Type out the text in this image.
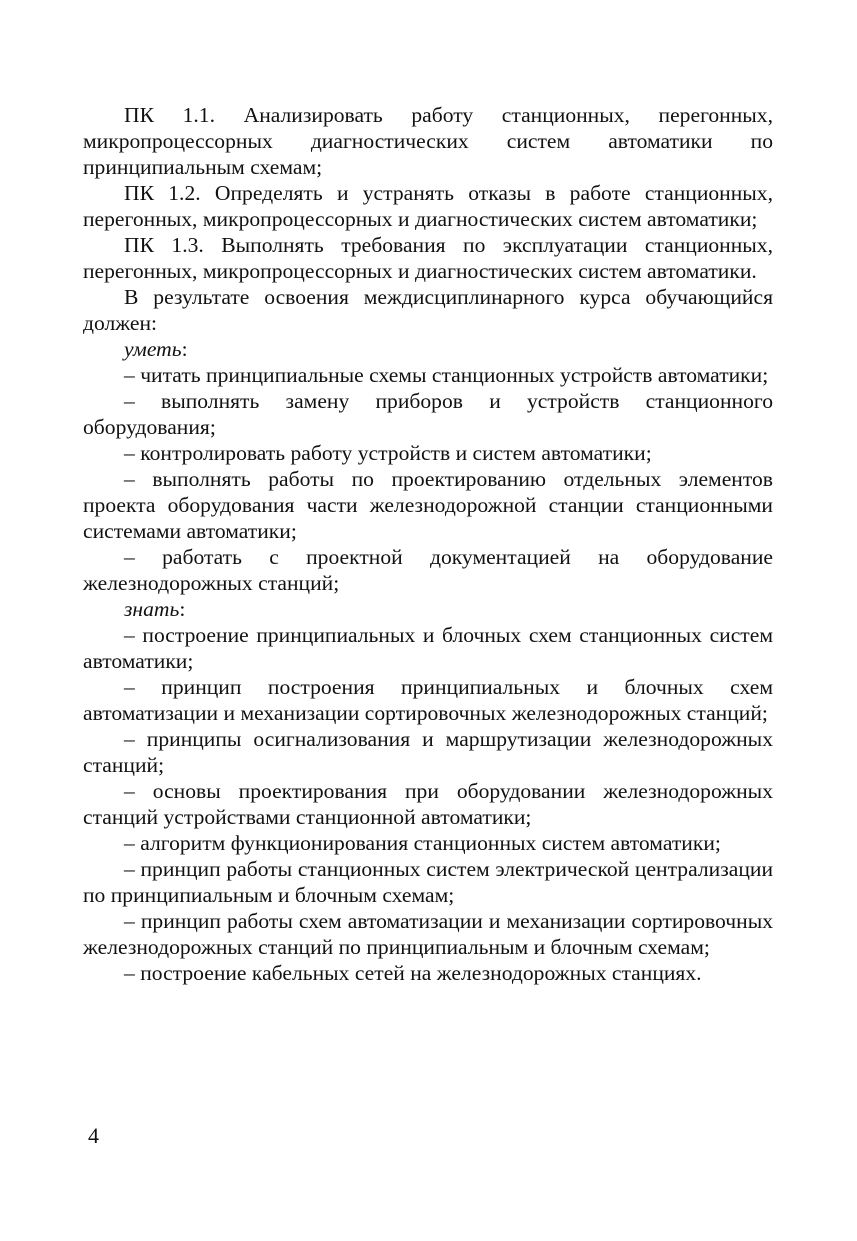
ПК 1.1. Анализировать работу станционных, перегонных, микропроцессорных диагностических систем автоматики по принципиальным схемам;

ПК 1.2. Определять и устранять отказы в работе станционных, перегонных, микропроцессорных и диагностических систем автоматики;

ПК 1.3. Выполнять требования по эксплуатации станционных, перегонных, микропроцессорных и диагностических систем автоматики.

В результате освоения междисциплинарного курса обучающийся должен:

уметь:

– читать принципиальные схемы станционных устройств автоматики;

– выполнять замену приборов и устройств станционного оборудования;

– контролировать работу устройств и систем автоматики;

– выполнять работы по проектированию отдельных элементов проекта оборудования части железнодорожной станции станционными системами автоматики;

– работать с проектной документацией на оборудование железнодорожных станций;

знать:

– построение принципиальных и блочных схем станционных систем автоматики;

– принцип построения принципиальных и блочных схем автоматизации и механизации сортировочных железнодорожных станций;

– принципы осигнализования и маршрутизации железнодорожных станций;

– основы проектирования при оборудовании железнодорожных станций устройствами станционной автоматики;

– алгоритм функционирования станционных систем автоматики;

– принцип работы станционных систем электрической централизации по принципиальным и блочным схемам;

– принцип работы схем автоматизации и механизации сортировочных железнодорожных станций по принципиальным и блочным схемам;

– построение кабельных сетей на железнодорожных станциях.

4
